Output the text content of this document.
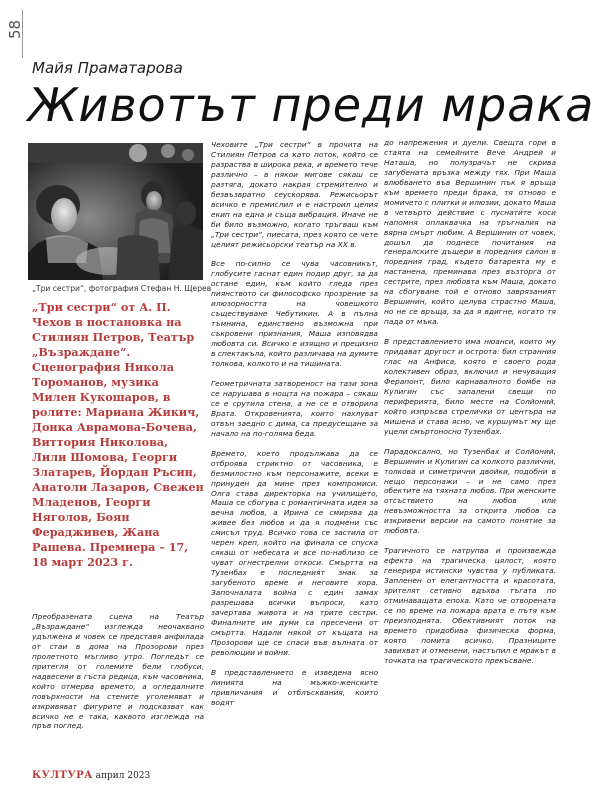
58
Майя Праматарова
Животът преди мрака
„Три сестри“, фотография Стефан Н. Щерев

„Три сестри“ от А. П. Чехов в постановка на Стилиян Петров, Театър „Възраждане“. Сценография Никола Тороманов, музика Милен Кукошаров, в ролите: Мариана Жикич, Донка Аврамова-Бочева, Виттория Николова, Лили Шомова, Георги Златарев, Йордан Ръсин, Анатоли Лазаров, Свежен Младенов, Георги Нягoлов, Боян Ферадживев, Жана Рашева. Премиера – 17, 18 март 2023 г.

Преобразената сцена на Театър „Възраждане“ изглежда неочаквано удължена и човек се представя анфилада от стаи в дома на Прозорови през пролетното мъгливо утро. Погледът се притегля от големите бели глобуси, надвесени в гъста редица, към часовника, който отмерва времето, а огледалните повърхности на стените уголемяват и изкривяват фигурите и подсказват как всичко не е така, каквото изглежда на пръв поглед.

Чеховите „Три сестри“ в прочита на Стилиян Петров са като поток, който се разраства в широка река, и времето тече различно – в някои мигове сякаш се разтяга, докато накрая стремително и безвъзвратно сеускорява. Режисьорът всичко е премислил и е настроил целия екип на една и съща вибрация. Иначе не би било възможно, когато тръгваш към „Три сестри“, пиесата, през която се чете целият режисьорски театър на ХХ в.

Все по-силно се чува часовникът, глобусите гаснат един подир друг, за да остане един, към който гледа през пиянството си философско прозрение за илюзорността на човешкото съществуване Чебутикин. А в пълна тъмнина, единствено възможна при съкровени признания, Маша изповядва любовта си. Всичко е изящно и прецизно в спектакъла, който различава на думите толкова, колкото и на тишината.

Геометричната затвореност на тази зона се нарушава в нощта на пожара – сякаш се е срутила стена, а не се е отворила Врата. Откровенията, които нахлуват отвън заедно с дима, са предусещане за начало на по-голяма беда.

Времето, което продължава да се отброява стриктно от часовника, е безмилостно към персонажите, всеки е принуден да мине през компромиси. Олга става директорка на училището, Маша се сбогува с романтичната идея за вечна любов, а Ирина се смирява да живее без любов и да я подмени със смисъл труд. Всичко това се застила от черен креп, който на финала се спуска сякаш от небесата и все по-наблизо се чуват огнестрелни откоси. Смъртта на Тузенбах е последният знак за загубеното време и неговите хора. Започналата война с един замах разрешава всички въпроси, като зачертава живота и на трите сестри. Финалните им думи са пресечени от смъртта. Надали някой от къщата на Прозорови ще се спаси във вълната от революции и войни.

В представлението е изведена ясно линията на мъжко-женските привличания и отблъсквания, които водят

до напрежения и дуели. Свещта гори в стаята на семейните Вече Андрей и Наташа, но полузрачът не скрива загубената връзка между тях. При Маша влюбването във Вершинин пък я връща към времето преди брака, тя отново е момичето с плитки и илюзии, докато Маша в четвърто действие с пуснатите коси напомня оплаквачка на тръгналия на вярна смърт любим. А Вершинин от човек, дошъл да поднесе почитания на генералските дъщери в поредния салон в поредния град, където батареята му е настанена, преминава през възторга от сестрите, през любовта към Маша, докато на сбогуване той е отново заврязаният Вершинин, който целува страстно Маша, но не се връща, за да я вдигне, когато тя пада от мъка.

В представлението има нюанси, които му придават другост и острота: бил странния глас на Анфиса, която е своего рода колективен образ, включил и нечуващия Ферапонт, било карнавалното бомбе на Кулигин със запалени свещи по периферията, било месте на Солйоний, който изпръсва стрелички от центъра на мишена и става ясно, че куршумът му ще уцели смъртоносно Тузенбах.

Парадоксално, но Тузенбах и Солйоний, Вершинин и Кулигин са колкото различни, толкова и симетрични двойки, подобни в нещо персонажи – и не само през обектите на тяхната любов. При женските отсъствието на любов или невъзможността за открита любов са изкривени версии на самото понятие за любовта.

Трагичното се натрупва и произвежда ефекта на трагическа цялост, която генерира истински чувства у публиката. Запленен от елегантността и красотата, зрителят сетивно вдъхва тъгата по отминаващата епоха. Като че отворената се по време на пожара врата е пътя към преизподнята. Обективният поток на времето придобива физическа форма, която помита всичко. Празниците завихват и отменени, настъпил е мракът в точката на трагическото прекъсване.

КУЛТУРА април 2023
